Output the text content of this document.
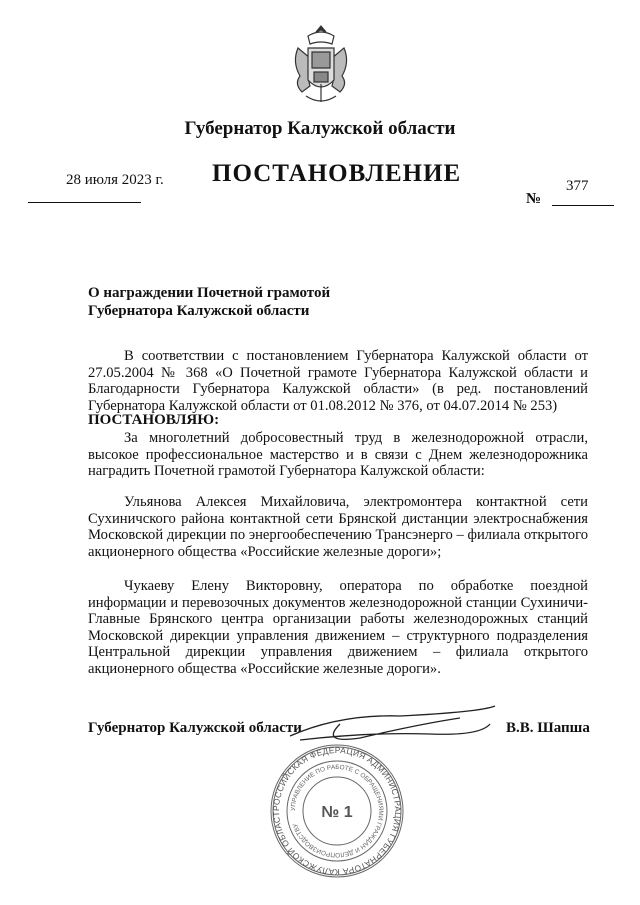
Губернатор Калужской области
28 июля 2023 г. ПОСТАНОВЛЕНИЕ	377
№
О награждении Почетной грамотой
Губернатора Калужской области
В соответствии с постановлением Губернатора Калужской области от 27.05.2004 № 368 «О Почетной грамоте Губернатора Калужской области и Благодарности Губернатора Калужской области» (в ред. постановлений Губернатора Калужской области от 01.08.2012 № 376, от 04.07.2014 № 253)
ПОСТАНОВЛЯЮ:
За многолетний добросовестный труд в железнодорожной отрасли, высокое профессиональное мастерство и в связи с Днем железнодорожника наградить Почетной грамотой Губернатора Калужской области:
Ульянова Алексея Михайловича, электромонтера контактной сети Сухиничского района контактной сети Брянской дистанции электроснабжения Московской дирекции по энергообеспечению Трансэнерго – филиала открытого акционерного общества «Российские железные дороги»;
Чукаеву Елену Викторовну, оператора по обработке поездной информации и перевозочных документов железнодорожной станции Сухиничи-Главные Брянского центра организации работы железнодорожных станций Московской дирекции управления движением – структурного подразделения Центральной дирекции управления движением – филиала открытого акционерного общества «Российские железные дороги».
Губернатор Калужской области	В.В. Шапша
РОССИЙСКАЯ ФЕДЕРАЦИЯ АДМИНИСТРАЦИЯ ГУБЕРНАТОРА КАЛУЖСКОЙ ОБЛАСТ
УПРАВЛЕНИЕ ПО РАБОТЕ С ОБРАЩЕНИЯМИ ГРАЖДАН И ДЕЛОПРОИЗВОДСТВУ
№ 1
